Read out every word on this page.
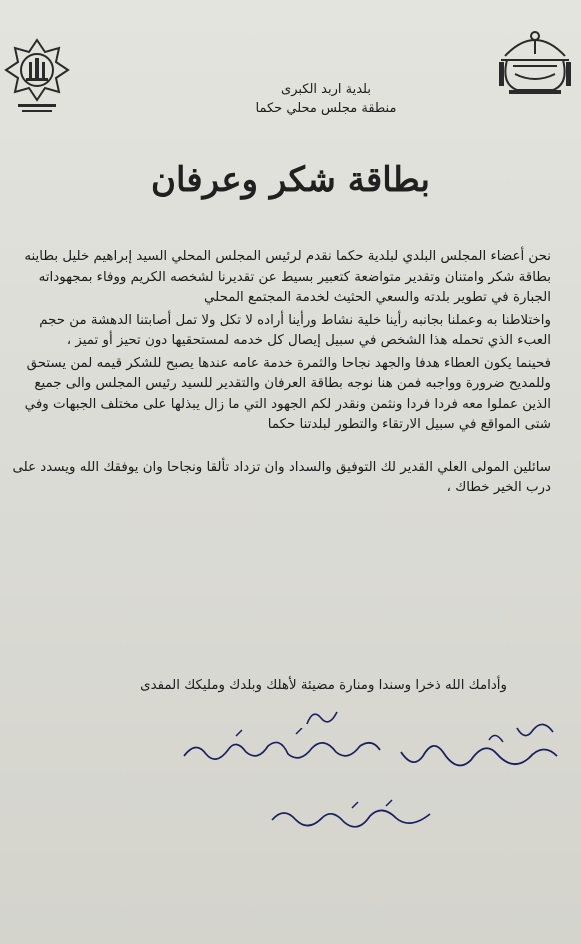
بلدية اربد الكبرى
منطقة مجلس محلي حكما
بطاقة شكر وعرفان

نحن أعضاء المجلس البلدي لبلدية حكما نقدم لرئيس المجلس المحلي السيد إبراهيم خليل بطاينه بطاقة شكر وامتنان وتقدير متواضعة كتعبير بسيط عن تقديرنا لشخصه الكريم ووفاء بمجهوداته الجبارة في تطوير بلدته والسعي الحثيث لخدمة المجتمع المحلي

واختلاطنا به وعملنا بجانبه رأينا خلية نشاط ورأينا أراده لا تكل ولا تمل أصابتنا الدهشة من حجم العبء الذي تحمله هذا الشخص في سبيل إيصال كل خدمه لمستحقيها دون تحيز أو تميز ،

فحينما يكون العطاء هدفا والجهد نجاحا والثمرة خدمة عامه عندها يصبح للشكر قيمه لمن يستحق وللمديح ضرورة وواجبه فمن هنا نوجه بطاقة العرفان والتقدير للسيد رئيس المجلس والى جميع الذين عملوا معه فردا فردا ونثمن ونقدر لكم الجهود التي ما زال يبذلها على مختلف الجبهات وفي شتى المواقع في سبيل الارتقاء والتطور لبلدتنا حكما

سائلين المولى العلي القدير لك التوفيق والسداد وان تزداد تألقا ونجاحا وان يوفقك الله ويسدد على درب الخير خطاك ،

وأدامك الله ذخرا وسندا ومنارة مضيئة لأهلك وبلدك ومليكك المفدى
